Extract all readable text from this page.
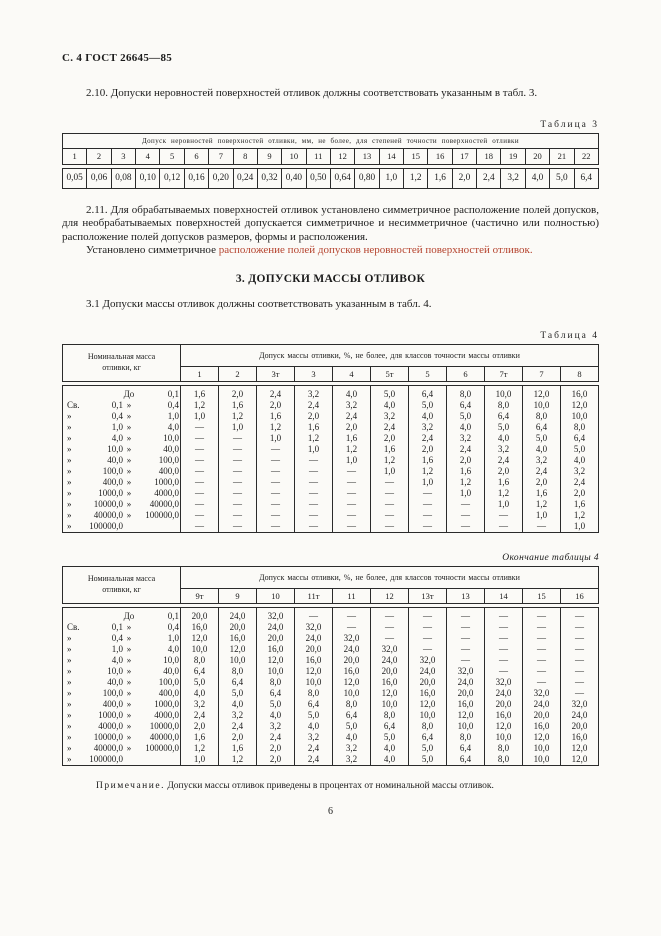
С. 4 ГОСТ 26645—85

2.10. Допуски неровностей поверхностей отливок должны соответствовать указанным в табл. 3.

Таблица 3
Допуск неровностей поверхностей отливки, мм, не более, для степеней точности поверхностей отливки
1	2	3	4	5	6	7	8	9	10	11	12	13	14	15	16	17	18	19	20	21	22
0,05	0,06	0,08	0,10	0,12	0,16	0,20	0,24	0,32	0,40	0,50	0,64	0,80	1,0	1,2	1,6	2,0	2,4	3,2	4,0	5,0	6,4

2.11. Для обрабатываемых поверхностей отливок установлено симметричное расположение полей допусков, для необрабатываемых поверхностей допускается симметричное и несимметричное (частично или полностью) расположение полей допусков размеров, формы и расположения.

Установлено симметричное расположение полей допусков неровностей поверхностей отливок.

3. ДОПУСКИ МАССЫ ОТЛИВОК

3.1 Допуски массы отливок должны соответствовать указанным в табл. 4.

Таблица 4
Номинальная масса отливки, кг	Допуск массы отливки, %, не более, для классов точности массы отливки										
	1	2	3т	3	4	5т	5	6	7т	7	8
До 0,1	1,6	2,0	2,4	3,2	4,0	5,0	6,4	8,0	10,0	12,0	16,0
Св. 0,1 » 0,4	1,2	1,6	2,0	2,4	3,2	4,0	5,0	6,4	8,0	10,0	12,0
» 0,4 » 1,0	1,0	1,2	1,6	2,0	2,4	3,2	4,0	5,0	6,4	8,0	10,0
» 1,0 » 4,0	—	1,0	1,2	1,6	2,0	2,4	3,2	4,0	5,0	6,4	8,0
» 4,0 » 10,0	—	—	1,0	1,2	1,6	2,0	2,4	3,2	4,0	5,0	6,4
» 10,0 » 40,0	—	—	—	1,0	1,2	1,6	2,0	2,4	3,2	4,0	5,0
» 40,0 » 100,0	—	—	—	—	1,0	1,2	1,6	2,0	2,4	3,2	4,0
» 100,0 » 400,0	—	—	—	—	—	1,0	1,2	1,6	2,0	2,4	3,2
» 400,0 » 1000,0	—	—	—	—	—	—	1,0	1,2	1,6	2,0	2,4
» 1000,0 » 4000,0	—	—	—	—	—	—	—	1,0	1,2	1,6	2,0
» 10000,0 » 40000,0	—	—	—	—	—	—	—	—	1,0	1,2	1,6
» 40000,0 » 100000,0	—	—	—	—	—	—	—	—	—	1,0	1,2
» 100000,0	—	—	—	—	—	—	—	—	—	—	1,0
Окончание таблицы 4
Номинальная масса отливки, кг	Допуск массы отливки, %, не более, для классов точности массы отливки										
	9т	9	10	11т	11	12	13т	13	14	15	16
До 0,1	20,0	24,0	32,0	—	—	—	—	—	—	—	—
Св. 0,1 » 0,4	16,0	20,0	24,0	32,0	—	—	—	—	—	—	—
» 0,4 » 1,0	12,0	16,0	20,0	24,0	32,0	—	—	—	—	—	—
» 1,0 » 4,0	10,0	12,0	16,0	20,0	24,0	32,0	—	—	—	—	—
» 4,0 » 10,0	8,0	10,0	12,0	16,0	20,0	24,0	32,0	—	—	—	—
» 10,0 » 40,0	6,4	8,0	10,0	12,0	16,0	20,0	24,0	32,0	—	—	—
» 40,0 » 100,0	5,0	6,4	8,0	10,0	12,0	16,0	20,0	24,0	32,0	—	—
» 100,0 » 400,0	4,0	5,0	6,4	8,0	10,0	12,0	16,0	20,0	24,0	32,0	—
» 400,0 » 1000,0	3,2	4,0	5,0	6,4	8,0	10,0	12,0	16,0	20,0	24,0	32,0
» 1000,0 » 4000,0	2,4	3,2	4,0	5,0	6,4	8,0	10,0	12,0	16,0	20,0	24,0
» 4000,0 » 10000,0	2,0	2,4	3,2	4,0	5,0	6,4	8,0	10,0	12,0	16,0	20,0
» 10000,0 » 40000,0	1,6	2,0	2,4	3,2	4,0	5,0	6,4	8,0	10,0	12,0	16,0
» 40000,0 » 100000,0	1,2	1,6	2,0	2,4	3,2	4,0	5,0	6,4	8,0	10,0	12,0
» 100000,0	1,0	1,2	2,0	2,4	3,2	4,0	5,0	6,4	8,0	10,0	12,0

Примечание. Допуски массы отливок приведены в процентах от номинальной массы отливок.

6
